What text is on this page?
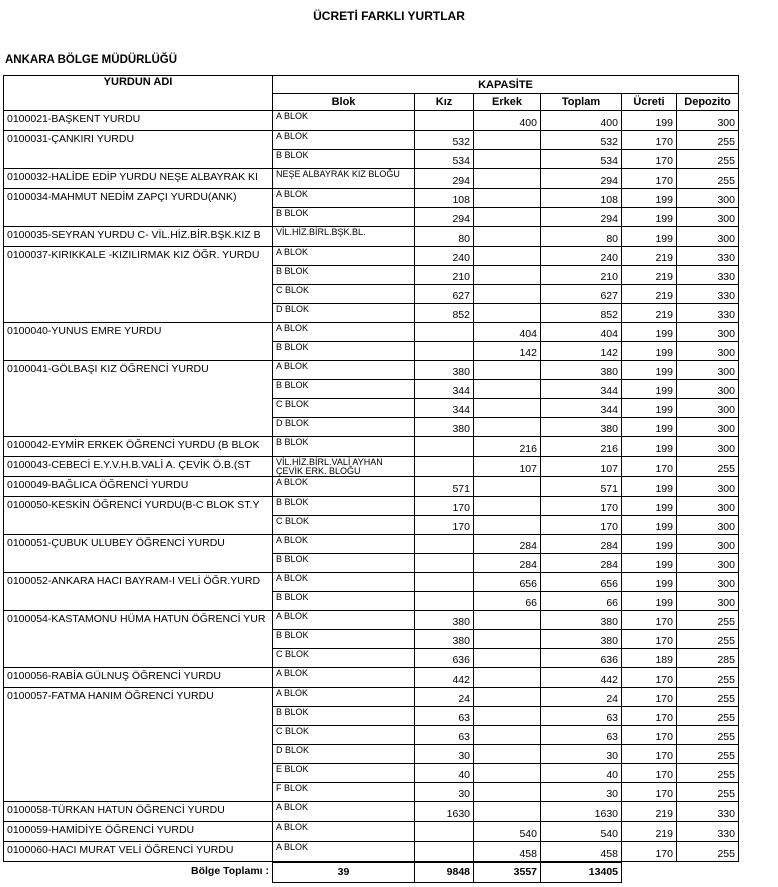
ÜCRETİ FARKLI YURTLAR
ANKARA BÖLGE MÜDÜRLÜĞÜ
YURDUN ADI	KAPASİTE					
	Blok	Kız	Erkek	Toplam	Ücreti	Depozito
0100021-BAŞKENT YURDU	A BLOK		400	400	199	300
0100031-ÇANKIRI YURDU	A BLOK	532		532	170	255
	B BLOK	534		534	170	255
0100032-HALİDE EDİP YURDU NEŞE ALBAYRAK KI	NEŞE ALBAYRAK KIZ BLOĞU	294		294	170	255
0100034-MAHMUT NEDİM ZAPÇI YURDU(ANK)	A BLOK	108		108	199	300
	B BLOK	294		294	199	300
0100035-SEYRAN YURDU C- VİL.HİZ.BİR.BŞK.KIZ B	VİL.HİZ.BİRL.BŞK.BL.	80		80	199	300
0100037-KIRIKKALE -KIZILIRMAK KIZ ÖĞR. YURDU	A BLOK	240		240	219	330
	B BLOK	210		210	219	330
	C BLOK	627		627	219	330
	D BLOK	852		852	219	330
0100040-YUNUS EMRE YURDU	A BLOK		404	404	199	300
	B BLOK		142	142	199	300
0100041-GÖLBAŞI KIZ ÖĞRENCİ YURDU	A BLOK	380		380	199	300
	B BLOK	344		344	199	300
	C BLOK	344		344	199	300
	D BLOK	380		380	199	300
0100042-EYMİR ERKEK ÖĞRENCİ YURDU (B BLOK	B BLOK		216	216	199	300
0100043-CEBECİ E.Y.V.H.B.VALİ A. ÇEVİK Ö.B.(ST	VİL.HİZ.BİRL.VALİ AYHAN ÇEVİK ERK. BLOĞU		107	107	170	255
0100049-BAĞLICA ÖĞRENCİ YURDU	A BLOK	571		571	199	300
0100050-KESKİN ÖĞRENCİ YURDU(B-C BLOK ST.Y	B BLOK	170		170	199	300
	C BLOK	170		170	199	300
0100051-ÇUBUK ULUBEY ÖĞRENCİ YURDU	A BLOK		284	284	199	300
	B BLOK		284	284	199	300
0100052-ANKARA HACI BAYRAM-I VELİ ÖĞR.YURD	A BLOK		656	656	199	300
	B BLOK		66	66	199	300
0100054-KASTAMONU HÜMA HATUN ÖĞRENCİ YUR	A BLOK	380		380	170	255
	B BLOK	380		380	170	255
	C BLOK	636		636	189	285
0100056-RABİA GÜLNUŞ ÖĞRENCİ YURDU	A BLOK	442		442	170	255
0100057-FATMA HANIM ÖĞRENCİ YURDU	A BLOK	24		24	170	255
	B BLOK	63		63	170	255
	C BLOK	63		63	170	255
	D BLOK	30		30	170	255
	E BLOK	40		40	170	255
	F BLOK	30		30	170	255
0100058-TÜRKAN HATUN ÖĞRENCİ YURDU	A BLOK	1630		1630	219	330
0100059-HAMİDİYE ÖĞRENCİ YURDU	A BLOK		540	540	219	330
0100060-HACI MURAT VELİ ÖĞRENCİ YURDU	A BLOK		458	458	170	255
Bölge Toplamı :	39	9848	3557	13405		
